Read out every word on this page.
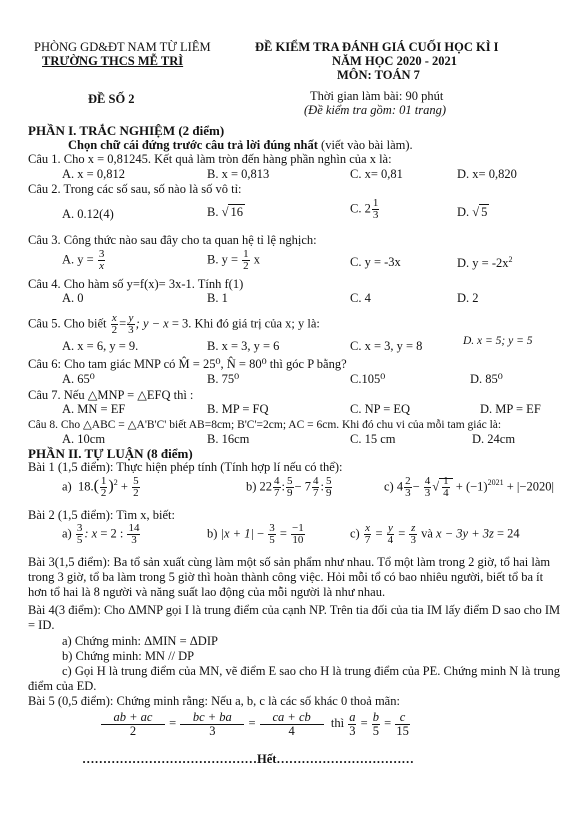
PHÒNG GD&ĐT NAM TỪ LIÊM
TRƯỜNG THCS MỄ TRÌ
ĐỀ SỐ 2
ĐỀ KIỂM TRA ĐÁNH GIÁ CUỐI HỌC KÌ I
NĂM HỌC 2020 - 2021
MÔN: TOÁN 7
Thời gian làm bài: 90 phút
(Đề kiểm tra gồm: 01 trang)
PHẦN I. TRẮC NGHIỆM (2 điểm)
Chọn chữ cái đứng trước câu trả lời đúng nhất (viết vào bài làm).
Câu 1. Cho x = 0,81245. Kết quả làm tròn đến hàng phần nghìn của x là:
A. x = 0,812	B. x = 0,813	C. x= 0,81	D. x= 0,820
Câu 2. Trong các số sau, số nào là số vô tỉ:
A. 0.12(4)	B. √ 16	C. $2 \frac{1}{3}$	D. √ 5
Câu 3. Công thức nào sau đây cho ta quan hệ tỉ lệ nghịch:
A. $y = \frac{3}{x}$	B. $y = \frac{1}{2}$ x	C. y = -3x	D. $y = -2x^2$
Câu 4. Cho hàm số y=f(x)= 3x-1. Tính f(1)
A. 0	B. 1	C. 4	D. 2
Câu 5. Cho biết $\frac{x}{2} = \frac{y}{3}$ ; y − x = 3. Khi đó giá trị của x; y là:
A. x = 6, y = 9.	B. x = 3, y = 6	C. x = 3, y = 8	D. x = 5; y = 5
Câu 6: Cho tam giác MNP có M̂ = 25⁰, N̂ = 80⁰ thì góc P bằng?
A. 65⁰	B. 75⁰	C.105⁰	D. 85⁰
Câu 7. Nếu △MNP = △EFQ thì :
A. MN = EF	B. MP = FQ	C. NP = EQ	D. MP = EF
Câu 8. Cho △ABC = △A'B'C' biết AB=8cm; B'C'=2cm; AC = 6cm. Khi đó chu vi của mỗi tam giác là:
A. 10cm	B. 16cm	C. 15 cm	D. 24cm
PHẦN II. TỰ LUẬN (8 điểm)
Bài 1 (1,5 điểm): Thực hiện phép tính (Tính hợp lí nếu có thể):
a)  $18.( \frac{1}{2} )^2 + \frac{5}{2}$	b) $22 \frac{4}{7}$ : $\frac{5}{9} - 7 \frac{4}{7}$ : $\frac{5}{9}$	c) $4 \frac{2}{3} - \frac{4}{3}$ √ $\frac{1}{4} + (-1)^{2021} + |-2020|$
Bài 2 (1,5 điểm): Tìm x, biết:
$a) \frac{3}{5}$ : x = 2 : $\frac{14}{3}$	b) $|x + 1| - \frac{3}{5} = \frac{-1}{10}$	$c) \frac{x}{7} = \frac{y}{4} = \frac{z}{3}$ và x − 3y + 3z = 24
Bài 3(1,5 điểm): Ba tổ sản xuất cùng làm một số sản phẩm như nhau. Tổ một làm trong 2 giờ, tổ hai làm trong 3 giờ, tổ ba làm trong 5 giờ thì hoàn thành công việc. Hỏi mỗi tổ có bao nhiêu người, biết tổ ba ít hơn tổ hai là 8 người và năng suất lao động của mỗi người là như nhau.
Bài 4(3 điểm): Cho ΔMNP gọi I là trung điểm của cạnh NP. Trên tia đối của tia IM lấy điểm D sao cho IM = ID.
a) Chứng minh: ΔMIN = ΔDIP
b) Chứng minh: MN // DP
c) Gọi H là trung điểm của MN, vẽ điểm E sao cho H là trung điểm của PE. Chứng minh N là trung điểm của ED.
Bài 5 (0,5 điểm): Chứng minh rằng: Nếu a, b, c là các số khác 0 thoả mãn:
$\frac{ab + ac}{2} = \frac{bc + ba}{3} = \frac{ca + cb}{4}$ thì $\frac{a}{3} = \frac{b}{5} = \frac{c}{15}$
……………………………………Hết……………………………
